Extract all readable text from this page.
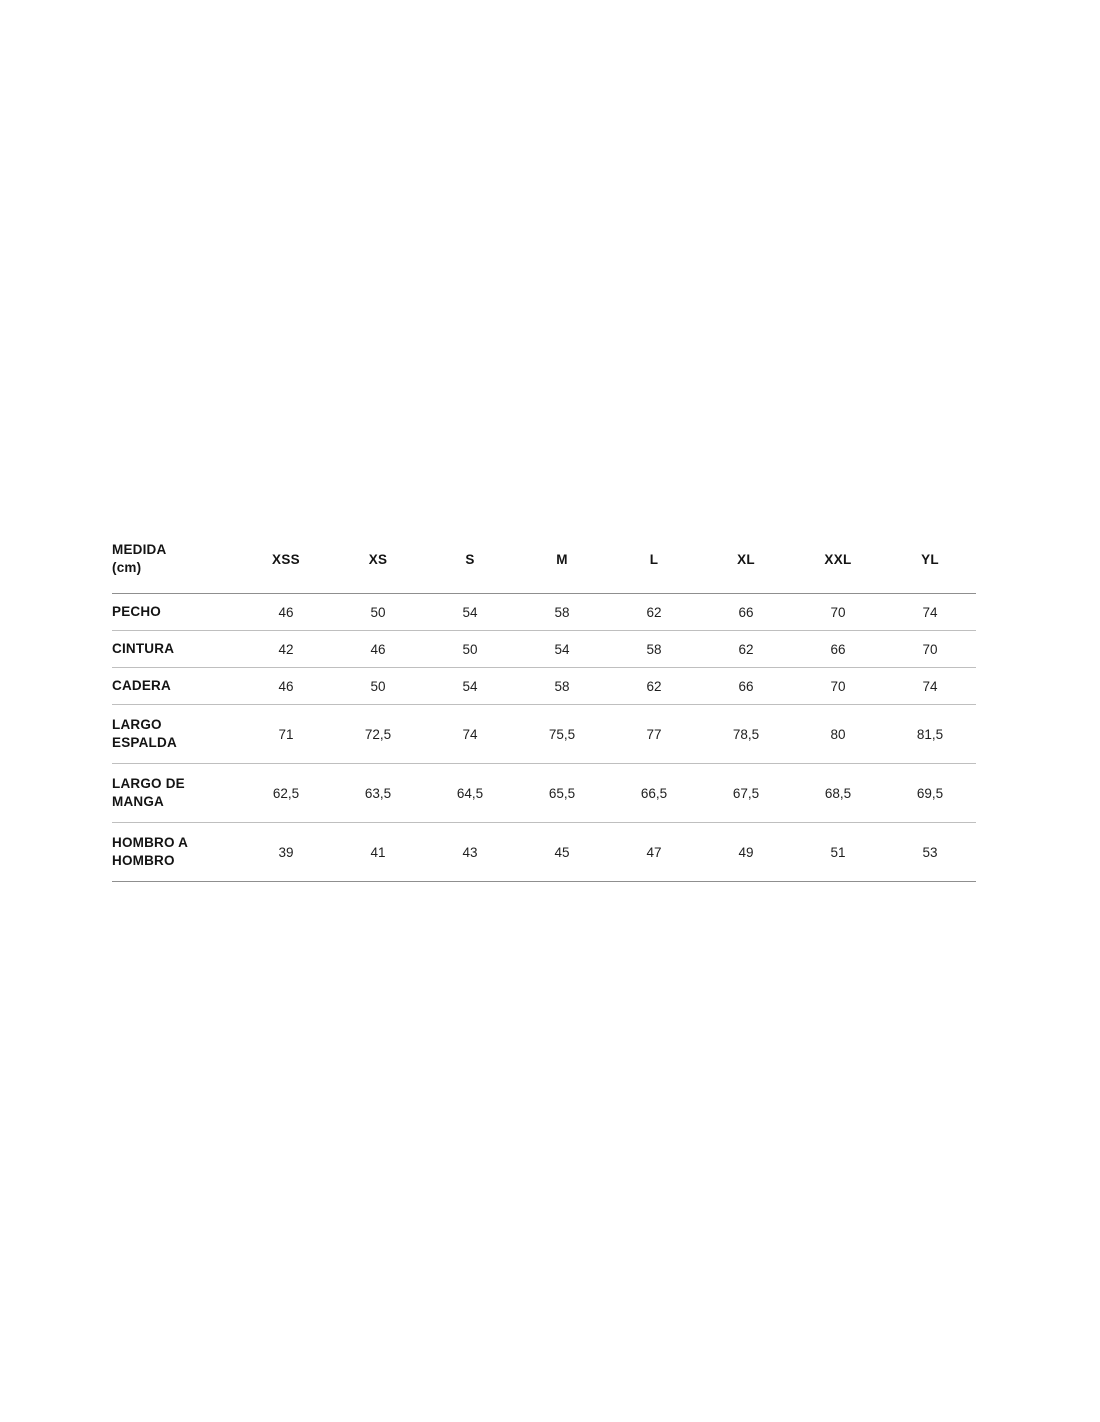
MEDIDA
(cm)	XSS	XS	S	M	L	XL	XXL	YL

PECHO	46	50	54	58	62	66	70	74

CINTURA	42	46	50	54	58	62	66	70

CADERA	46	50	54	58	62	66	70	74

LARGO
ESPALDA	71	72,5	74	75,5	77	78,5	80	81,5

LARGO DE
MANGA	62,5	63,5	64,5	65,5	66,5	67,5	68,5	69,5

HOMBRO A
HOMBRO	39	41	43	45	47	49	51	53
